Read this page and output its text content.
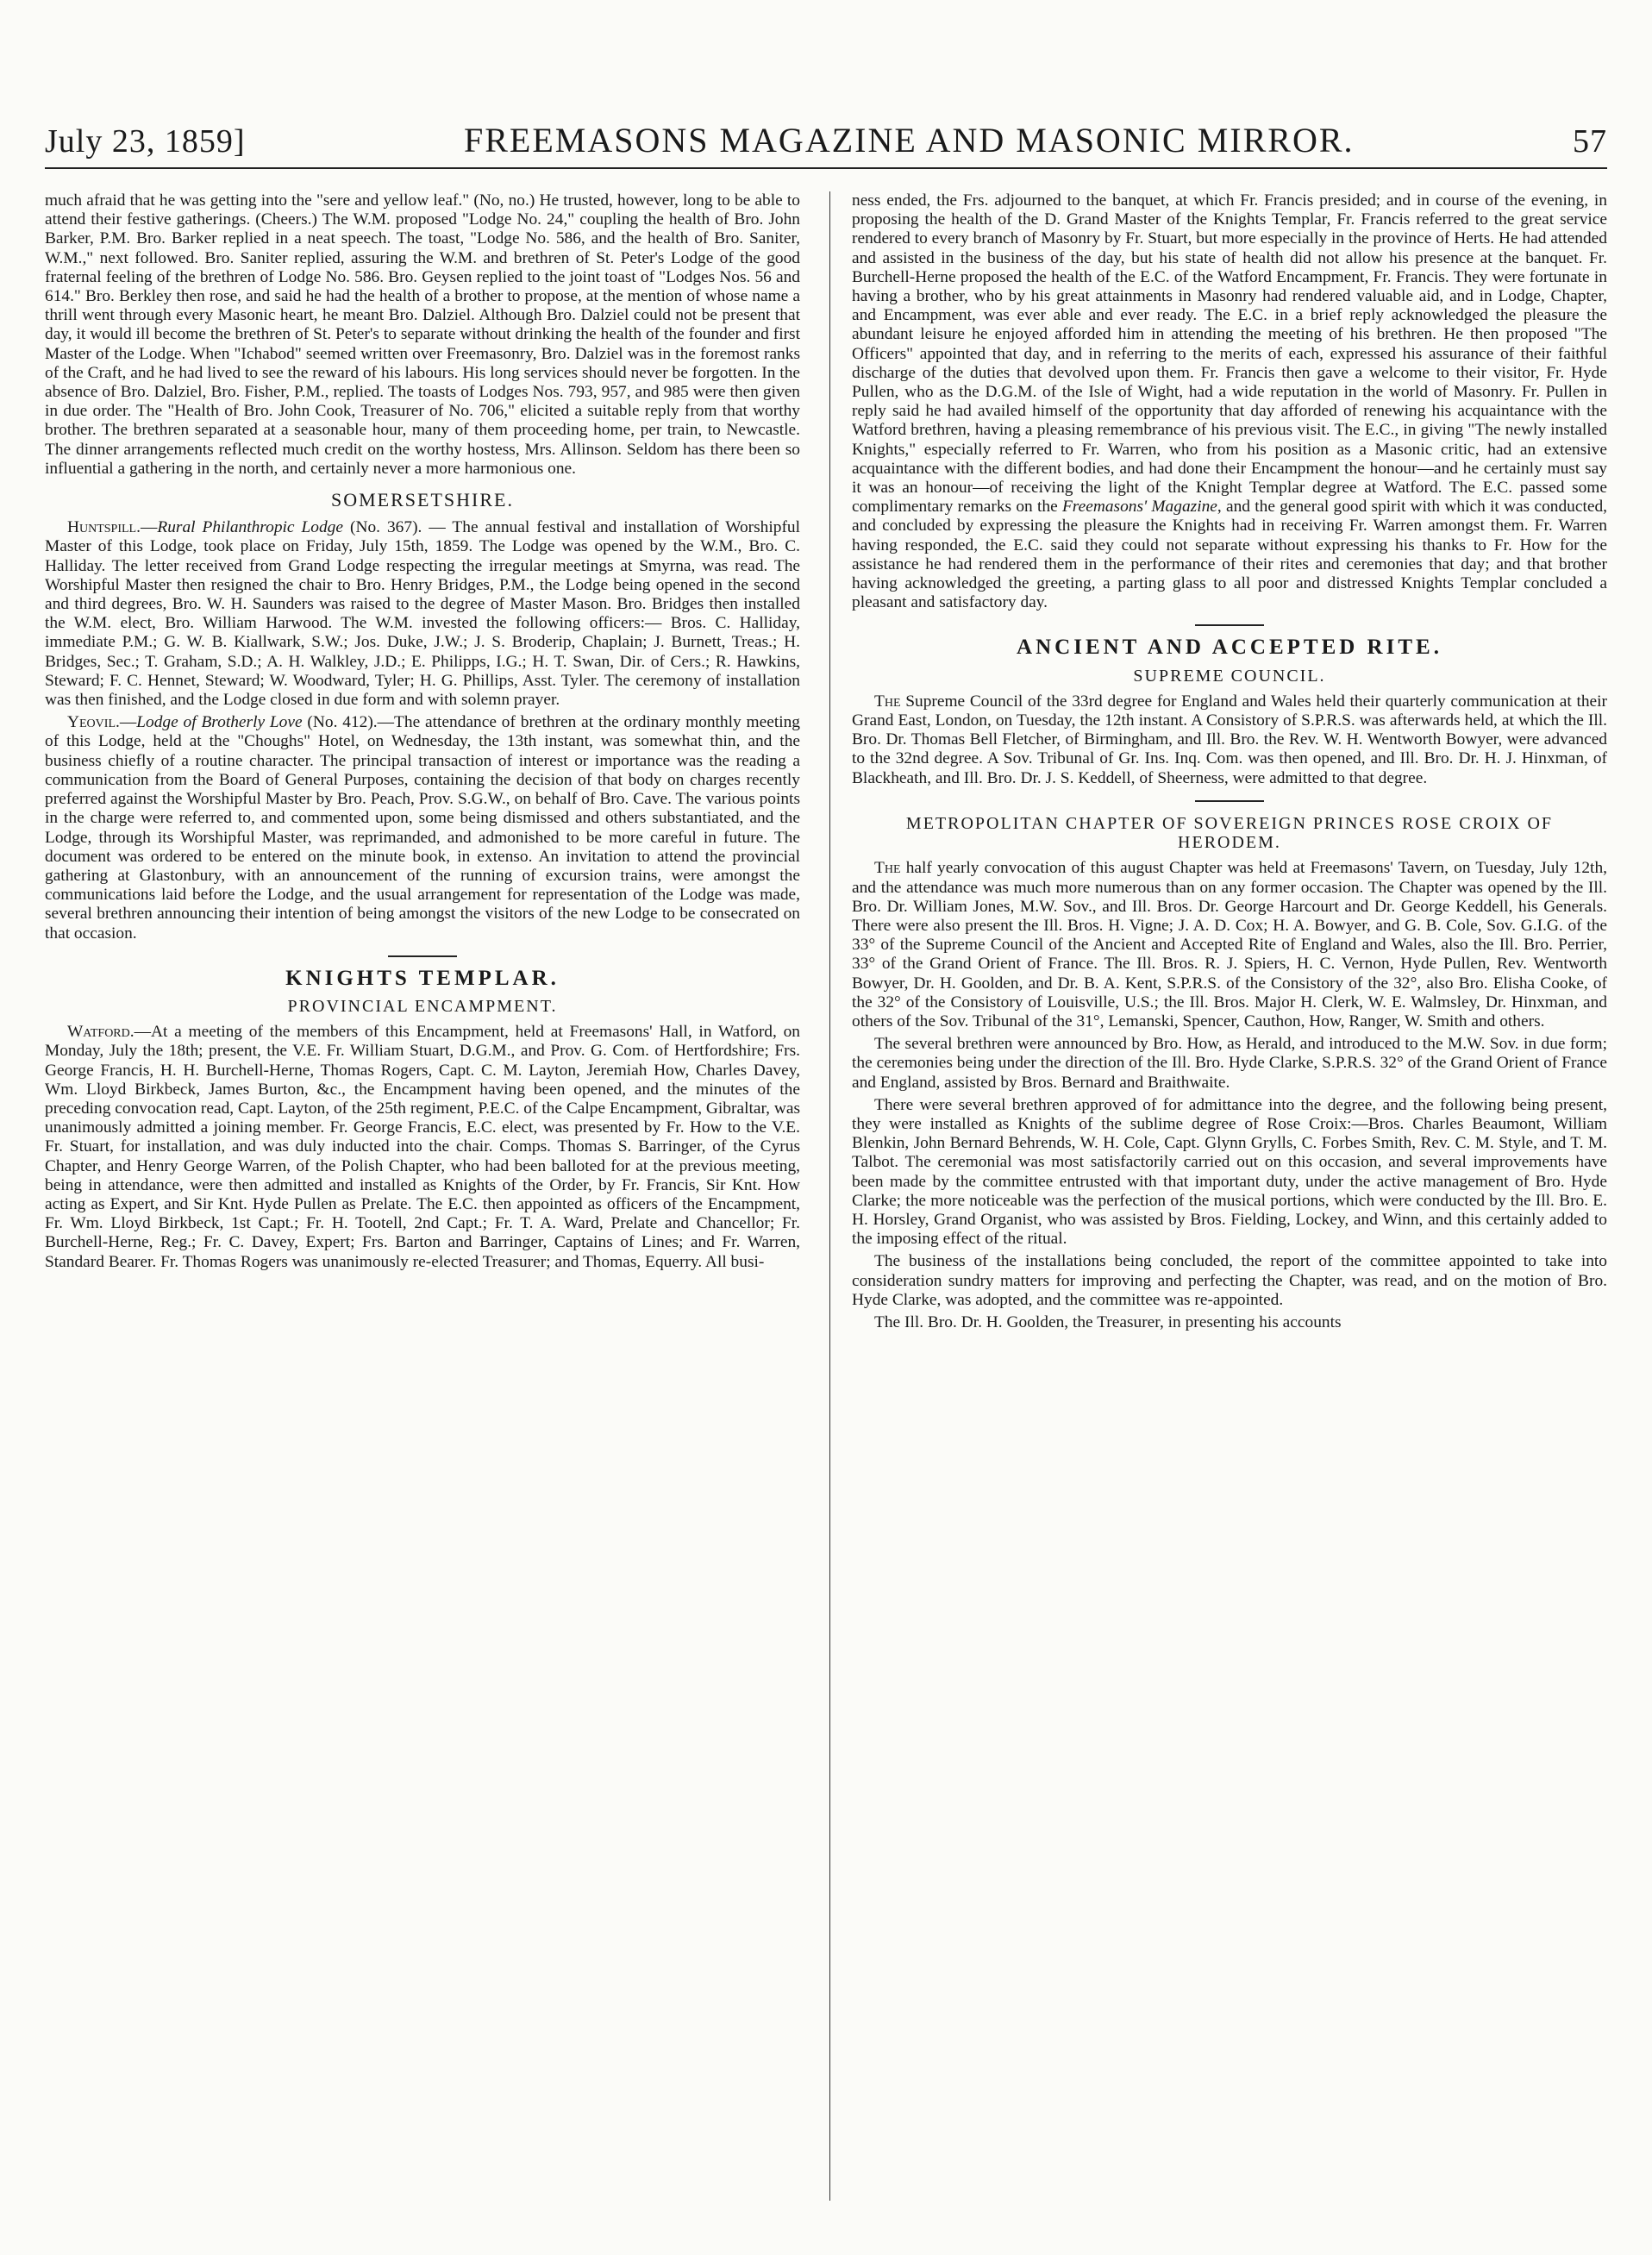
July 23, 1859]	FREEMASONS MAGAZINE AND MASONIC MIRROR.	57

much afraid that he was getting into the "sere and yellow leaf." (No, no.) He trusted, however, long to be able to attend their festive gatherings. (Cheers.) The W.M. proposed "Lodge No. 24," coupling the health of Bro. John Barker, P.M. Bro. Barker replied in a neat speech. The toast, "Lodge No. 586, and the health of Bro. Saniter, W.M.," next followed. Bro. Saniter replied, assuring the W.M. and brethren of St. Peter's Lodge of the good fraternal feeling of the brethren of Lodge No. 586. Bro. Geysen replied to the joint toast of "Lodges Nos. 56 and 614." Bro. Berkley then rose, and said he had the health of a brother to propose, at the mention of whose name a thrill went through every Masonic heart, he meant Bro. Dalziel. Although Bro. Dalziel could not be present that day, it would ill become the brethren of St. Peter's to separate without drinking the health of the founder and first Master of the Lodge. When "Ichabod" seemed written over Freemasonry, Bro. Dalziel was in the foremost ranks of the Craft, and he had lived to see the reward of his labours. His long services should never be forgotten. In the absence of Bro. Dalziel, Bro. Fisher, P.M., replied. The toasts of Lodges Nos. 793, 957, and 985 were then given in due order. The "Health of Bro. John Cook, Treasurer of No. 706," elicited a suitable reply from that worthy brother. The brethren separated at a seasonable hour, many of them proceeding home, per train, to Newcastle. The dinner arrangements reflected much credit on the worthy hostess, Mrs. Allinson. Seldom has there been so influential a gathering in the north, and certainly never a more harmonious one.

SOMERSETSHIRE.

Huntspill.—Rural Philanthropic Lodge (No. 367). — The annual festival and installation of Worshipful Master of this Lodge, took place on Friday, July 15th, 1859. The Lodge was opened by the W.M., Bro. C. Halliday. The letter received from Grand Lodge respecting the irregular meetings at Smyrna, was read. The Worshipful Master then resigned the chair to Bro. Henry Bridges, P.M., the Lodge being opened in the second and third degrees, Bro. W. H. Saunders was raised to the degree of Master Mason. Bro. Bridges then installed the W.M. elect, Bro. William Harwood. The W.M. invested the following officers:— Bros. C. Halliday, immediate P.M.; G. W. B. Kiallwark, S.W.; Jos. Duke, J.W.; J. S. Broderip, Chaplain; J. Burnett, Treas.; H. Bridges, Sec.; T. Graham, S.D.; A. H. Walkley, J.D.; E. Philipps, I.G.; H. T. Swan, Dir. of Cers.; R. Hawkins, Steward; F. C. Hennet, Steward; W. Woodward, Tyler; H. G. Phillips, Asst. Tyler. The ceremony of installation was then finished, and the Lodge closed in due form and with solemn prayer.

Yeovil.—Lodge of Brotherly Love (No. 412).—The attendance of brethren at the ordinary monthly meeting of this Lodge, held at the "Choughs" Hotel, on Wednesday, the 13th instant, was somewhat thin, and the business chiefly of a routine character. The principal transaction of interest or importance was the reading a communication from the Board of General Purposes, containing the decision of that body on charges recently preferred against the Worshipful Master by Bro. Peach, Prov. S.G.W., on behalf of Bro. Cave. The various points in the charge were referred to, and commented upon, some being dismissed and others substantiated, and the Lodge, through its Worshipful Master, was reprimanded, and admonished to be more careful in future. The document was ordered to be entered on the minute book, in extenso. An invitation to attend the provincial gathering at Glastonbury, with an announcement of the running of excursion trains, were amongst the communications laid before the Lodge, and the usual arrangement for representation of the Lodge was made, several brethren announcing their intention of being amongst the visitors of the new Lodge to be consecrated on that occasion.

KNIGHTS TEMPLAR.
PROVINCIAL ENCAMPMENT.

Watford.—At a meeting of the members of this Encampment, held at Freemasons' Hall, in Watford, on Monday, July the 18th; present, the V.E. Fr. William Stuart, D.G.M., and Prov. G. Com. of Hertfordshire; Frs. George Francis, H. H. Burchell-Herne, Thomas Rogers, Capt. C. M. Layton, Jeremiah How, Charles Davey, Wm. Lloyd Birkbeck, James Burton, &c., the Encampment having been opened, and the minutes of the preceding convocation read, Capt. Layton, of the 25th regiment, P.E.C. of the Calpe Encampment, Gibraltar, was unanimously admitted a joining member. Fr. George Francis, E.C. elect, was presented by Fr. How to the V.E. Fr. Stuart, for installation, and was duly inducted into the chair. Comps. Thomas S. Barringer, of the Cyrus Chapter, and Henry George Warren, of the Polish Chapter, who had been balloted for at the previous meeting, being in attendance, were then admitted and installed as Knights of the Order, by Fr. Francis, Sir Knt. How acting as Expert, and Sir Knt. Hyde Pullen as Prelate. The E.C. then appointed as officers of the Encampment, Fr. Wm. Lloyd Birkbeck, 1st Capt.; Fr. H. Tootell, 2nd Capt.; Fr. T. A. Ward, Prelate and Chancellor; Fr. Burchell-Herne, Reg.; Fr. C. Davey, Expert; Frs. Barton and Barringer, Captains of Lines; and Fr. Warren, Standard Bearer. Fr. Thomas Rogers was unanimously re-elected Treasurer; and Thomas, Equerry. All busi-

ness ended, the Frs. adjourned to the banquet, at which Fr. Francis presided; and in course of the evening, in proposing the health of the D. Grand Master of the Knights Templar, Fr. Francis referred to the great service rendered to every branch of Masonry by Fr. Stuart, but more especially in the province of Herts. He had attended and assisted in the business of the day, but his state of health did not allow his presence at the banquet. Fr. Burchell-Herne proposed the health of the E.C. of the Watford Encampment, Fr. Francis. They were fortunate in having a brother, who by his great attainments in Masonry had rendered valuable aid, and in Lodge, Chapter, and Encampment, was ever able and ever ready. The E.C. in a brief reply acknowledged the pleasure the abundant leisure he enjoyed afforded him in attending the meeting of his brethren. He then proposed "The Officers" appointed that day, and in referring to the merits of each, expressed his assurance of their faithful discharge of the duties that devolved upon them. Fr. Francis then gave a welcome to their visitor, Fr. Hyde Pullen, who as the D.G.M. of the Isle of Wight, had a wide reputation in the world of Masonry. Fr. Pullen in reply said he had availed himself of the opportunity that day afforded of renewing his acquaintance with the Watford brethren, having a pleasing remembrance of his previous visit. The E.C., in giving "The newly installed Knights," especially referred to Fr. Warren, who from his position as a Masonic critic, had an extensive acquaintance with the different bodies, and had done their Encampment the honour—and he certainly must say it was an honour—of receiving the light of the Knight Templar degree at Watford. The E.C. passed some complimentary remarks on the Freemasons' Magazine, and the general good spirit with which it was conducted, and concluded by expressing the pleasure the Knights had in receiving Fr. Warren amongst them. Fr. Warren having responded, the E.C. said they could not separate without expressing his thanks to Fr. How for the assistance he had rendered them in the performance of their rites and ceremonies that day; and that brother having acknowledged the greeting, a parting glass to all poor and distressed Knights Templar concluded a pleasant and satisfactory day.

ANCIENT AND ACCEPTED RITE.
SUPREME COUNCIL.

The Supreme Council of the 33rd degree for England and Wales held their quarterly communication at their Grand East, London, on Tuesday, the 12th instant. A Consistory of S.P.R.S. was afterwards held, at which the Ill. Bro. Dr. Thomas Bell Fletcher, of Birmingham, and Ill. Bro. the Rev. W. H. Wentworth Bowyer, were advanced to the 32nd degree. A Sov. Tribunal of Gr. Ins. Inq. Com. was then opened, and Ill. Bro. Dr. H. J. Hinxman, of Blackheath, and Ill. Bro. Dr. J. S. Keddell, of Sheerness, were admitted to that degree.

METROPOLITAN CHAPTER OF SOVEREIGN PRINCES ROSE CROIX OF HERODEM.

The half yearly convocation of this august Chapter was held at Freemasons' Tavern, on Tuesday, July 12th, and the attendance was much more numerous than on any former occasion. The Chapter was opened by the Ill. Bro. Dr. William Jones, M.W. Sov., and Ill. Bros. Dr. George Harcourt and Dr. George Keddell, his Generals. There were also present the Ill. Bros. H. Vigne; J. A. D. Cox; H. A. Bowyer, and G. B. Cole, Sov. G.I.G. of the 33° of the Supreme Council of the Ancient and Accepted Rite of England and Wales, also the Ill. Bro. Perrier, 33° of the Grand Orient of France. The Ill. Bros. R. J. Spiers, H. C. Vernon, Hyde Pullen, Rev. Wentworth Bowyer, Dr. H. Goolden, and Dr. B. A. Kent, S.P.R.S. of the Consistory of the 32°, also Bro. Elisha Cooke, of the 32° of the Consistory of Louisville, U.S.; the Ill. Bros. Major H. Clerk, W. E. Walmsley, Dr. Hinxman, and others of the Sov. Tribunal of the 31°, Lemanski, Spencer, Cauthon, How, Ranger, W. Smith and others.

The several brethren were announced by Bro. How, as Herald, and introduced to the M.W. Sov. in due form; the ceremonies being under the direction of the Ill. Bro. Hyde Clarke, S.P.R.S. 32° of the Grand Orient of France and England, assisted by Bros. Bernard and Braithwaite.

There were several brethren approved of for admittance into the degree, and the following being present, they were installed as Knights of the sublime degree of Rose Croix:—Bros. Charles Beaumont, William Blenkin, John Bernard Behrends, W. H. Cole, Capt. Glynn Grylls, C. Forbes Smith, Rev. C. M. Style, and T. M. Talbot. The ceremonial was most satisfactorily carried out on this occasion, and several improvements have been made by the committee entrusted with that important duty, under the active management of Bro. Hyde Clarke; the more noticeable was the perfection of the musical portions, which were conducted by the Ill. Bro. E. H. Horsley, Grand Organist, who was assisted by Bros. Fielding, Lockey, and Winn, and this certainly added to the imposing effect of the ritual.

The business of the installations being concluded, the report of the committee appointed to take into consideration sundry matters for improving and perfecting the Chapter, was read, and on the motion of Bro. Hyde Clarke, was adopted, and the committee was re-appointed.

The Ill. Bro. Dr. H. Goolden, the Treasurer, in presenting his accounts
